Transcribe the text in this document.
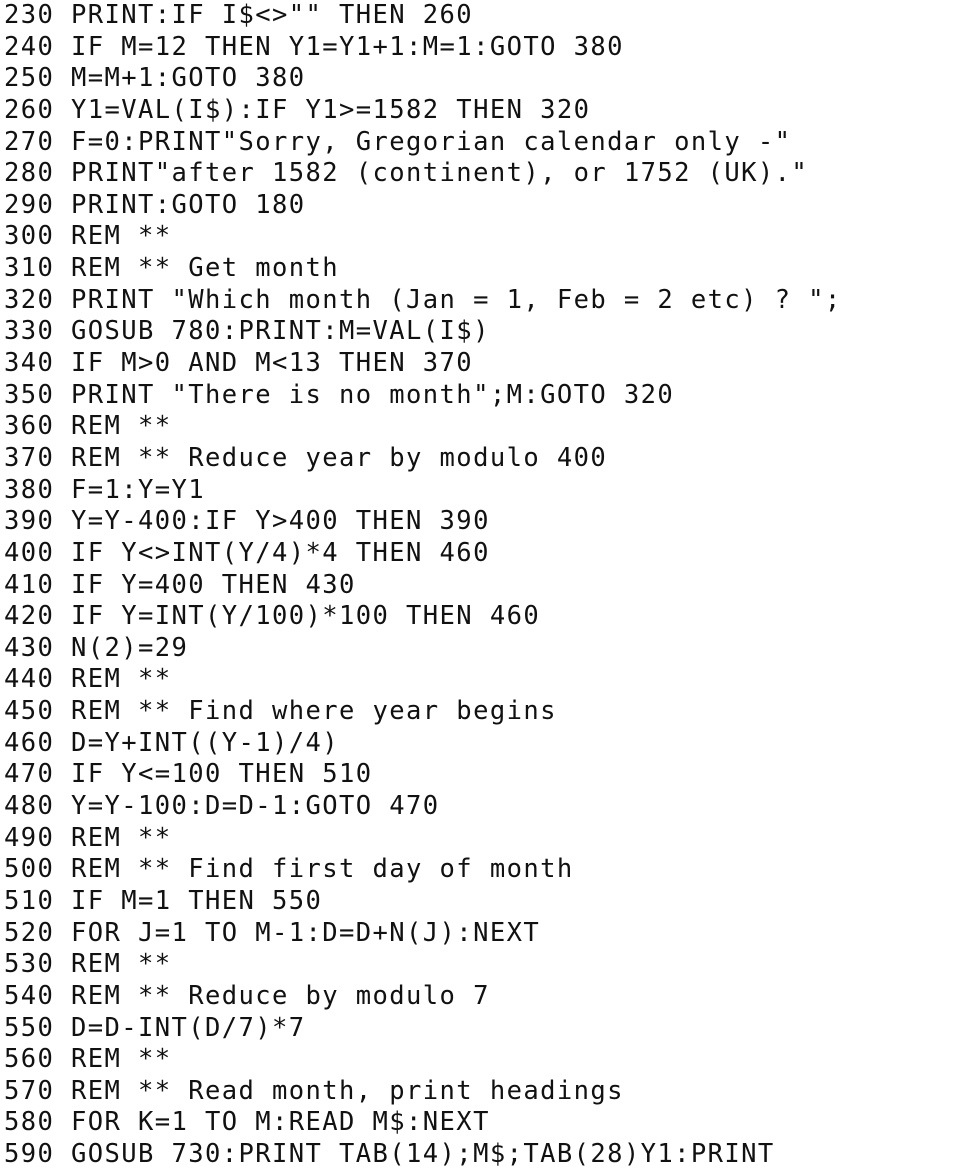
230 PRINT:IF I$<>"" THEN 260
240 IF M=12 THEN Y1=Y1+1:M=1:GOTO 380
250 M=M+1:GOTO 380
260 Y1=VAL(I$):IF Y1>=1582 THEN 320
270 F=0:PRINT"Sorry, Gregorian calendar only -"
280 PRINT"after 1582 (continent), or 1752 (UK)."
290 PRINT:GOTO 180
300 REM **
310 REM ** Get month
320 PRINT "Which month (Jan = 1, Feb = 2 etc) ? ";
330 GOSUB 780:PRINT:M=VAL(I$)
340 IF M>0 AND M<13 THEN 370
350 PRINT "There is no month";M:GOTO 320
360 REM **
370 REM ** Reduce year by modulo 400
380 F=1:Y=Y1
390 Y=Y-400:IF Y>400 THEN 390
400 IF Y<>INT(Y/4)*4 THEN 460
410 IF Y=400 THEN 430
420 IF Y=INT(Y/100)*100 THEN 460
430 N(2)=29
440 REM **
450 REM ** Find where year begins
460 D=Y+INT((Y-1)/4)
470 IF Y<=100 THEN 510
480 Y=Y-100:D=D-1:GOTO 470
490 REM **
500 REM ** Find first day of month
510 IF M=1 THEN 550
520 FOR J=1 TO M-1:D=D+N(J):NEXT
530 REM **
540 REM ** Reduce by modulo 7
550 D=D-INT(D/7)*7
560 REM **
570 REM ** Read month, print headings
580 FOR K=1 TO M:READ M$:NEXT
590 GOSUB 730:PRINT TAB(14);M$;TAB(28)Y1:PRINT
